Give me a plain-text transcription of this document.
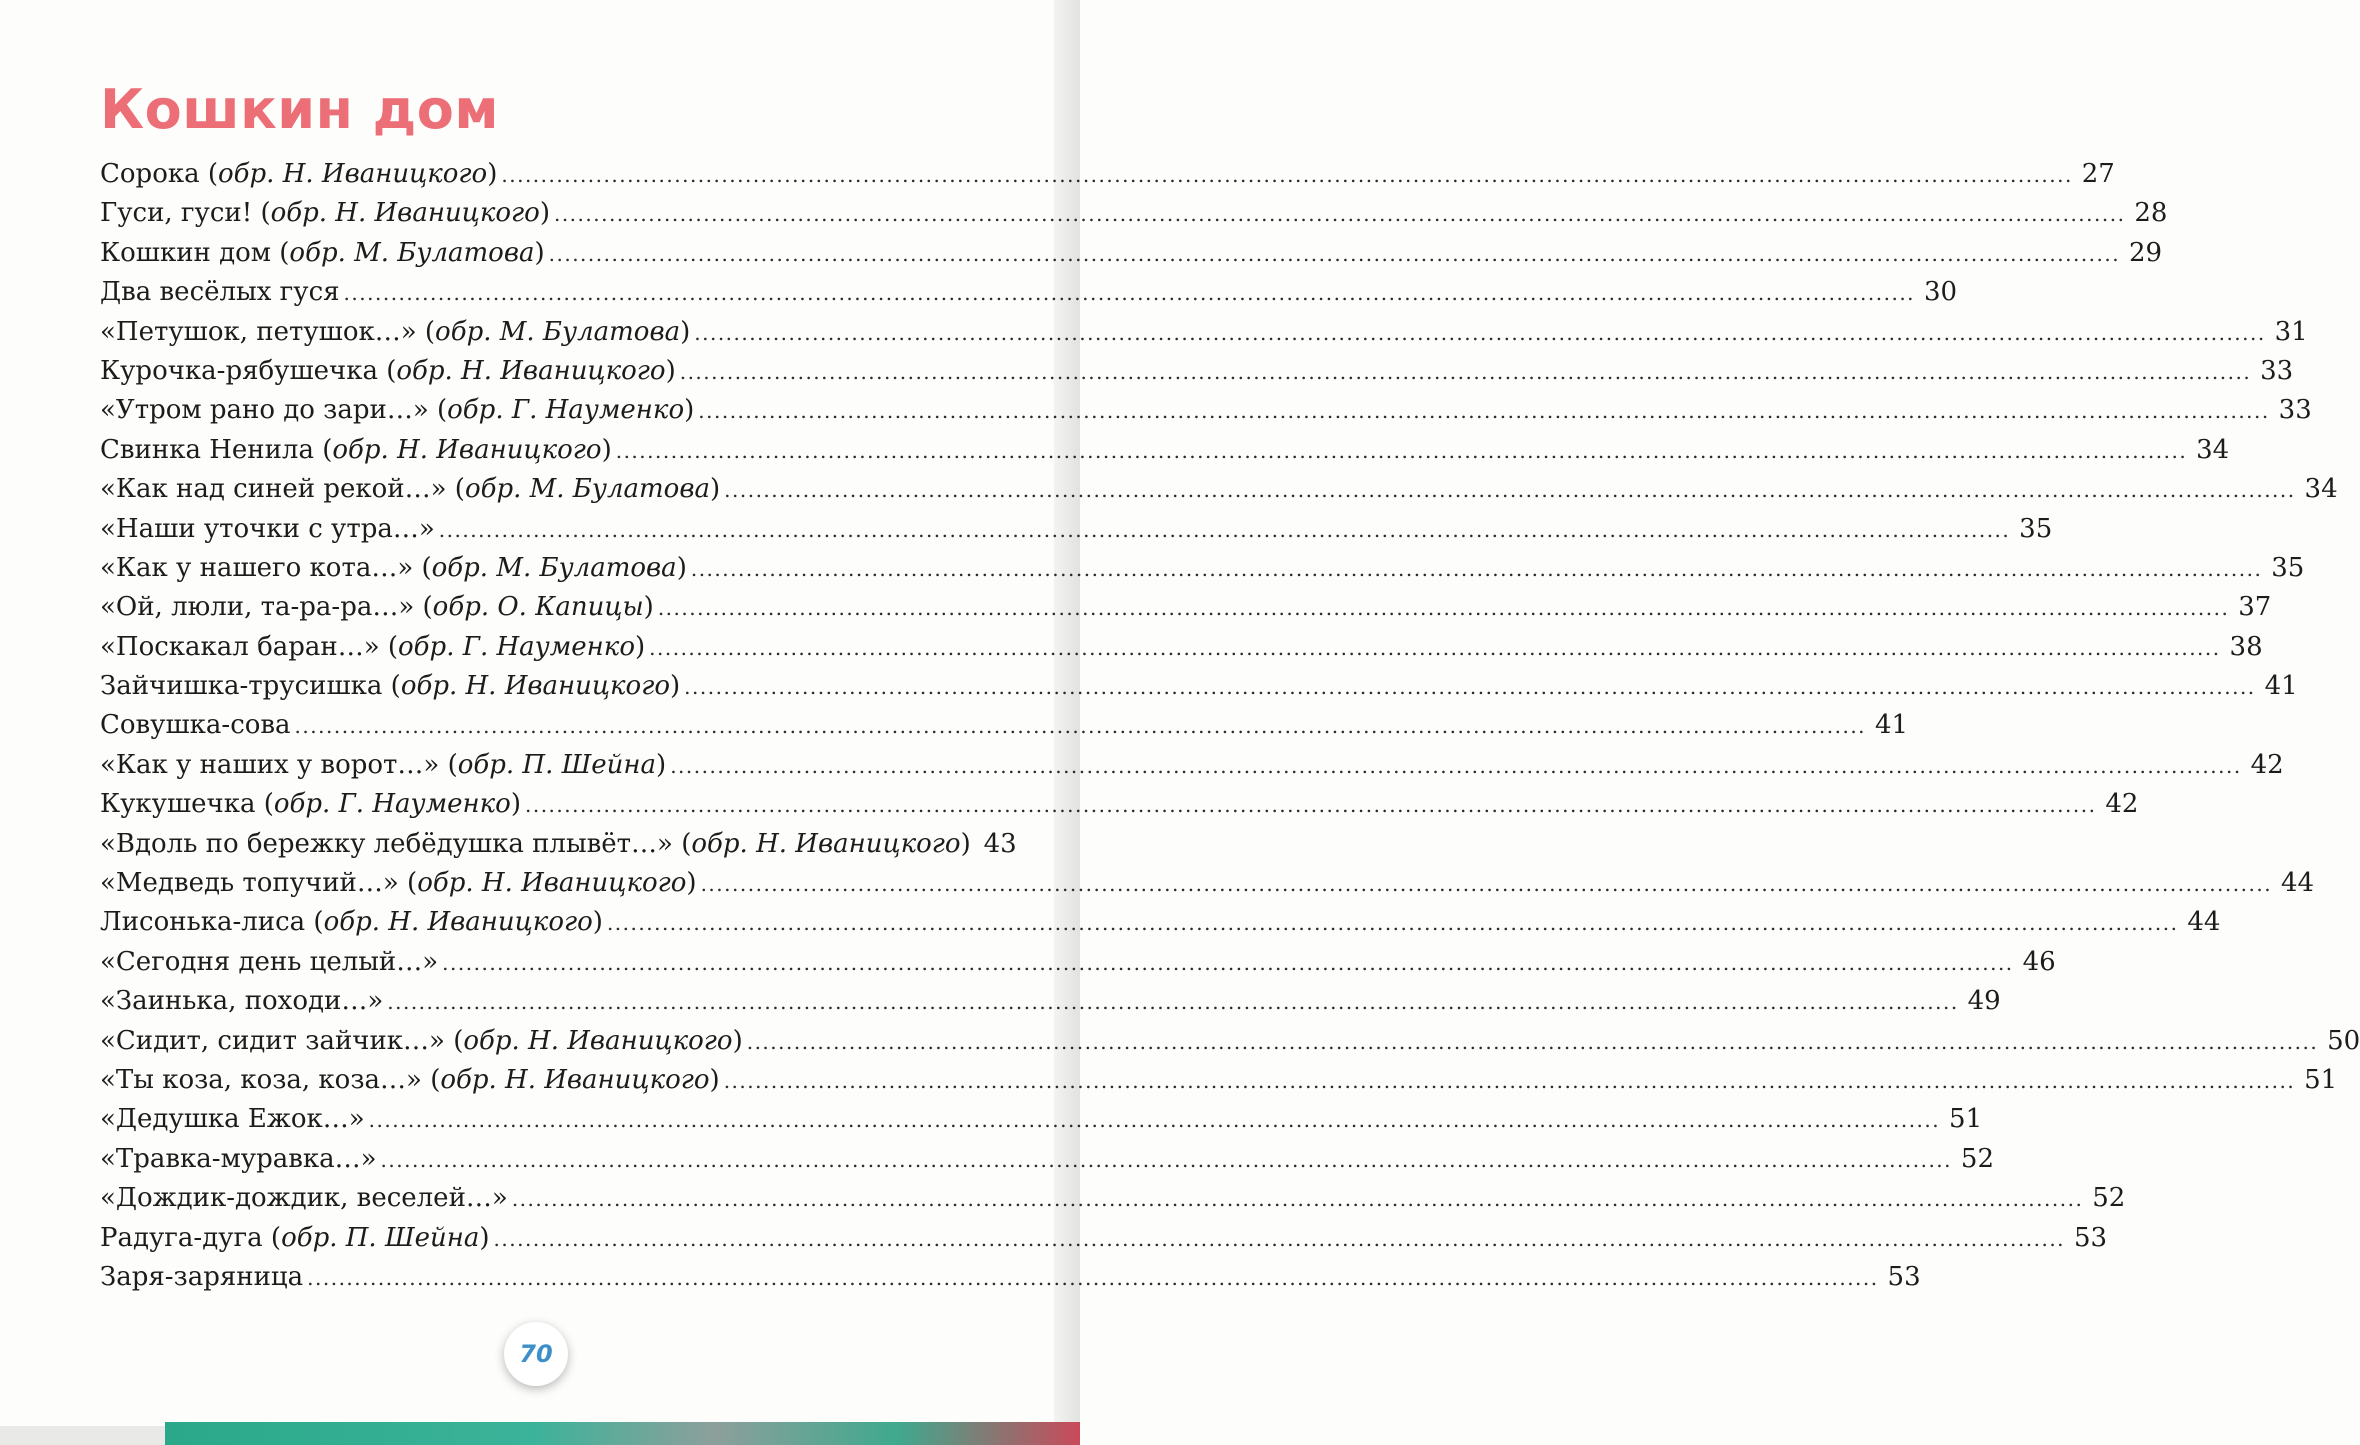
Кошкин дом
Сорока (обр. Н. Иваницкого) ........................................................................................................................................................................................................ 27
Гуси, гуси! (обр. Н. Иваницкого) ........................................................................................................................................................................................................ 28
Кошкин дом (обр. М. Булатова) ........................................................................................................................................................................................................ 29
Два весёлых гуся ........................................................................................................................................................................................................ 30
«Петушок, петушок…» (обр. М. Булатова) ........................................................................................................................................................................................................ 31
Курочка-рябушечка (обр. Н. Иваницкого) ........................................................................................................................................................................................................ 33
«Утром рано до зари…» (обр. Г. Науменко) ........................................................................................................................................................................................................ 33
Свинка Ненила (обр. Н. Иваницкого) ........................................................................................................................................................................................................ 34
«Как над синей рекой…» (обр. М. Булатова) ........................................................................................................................................................................................................ 34
«Наши уточки с утра…» ........................................................................................................................................................................................................ 35
«Как у нашего кота…» (обр. М. Булатова) ........................................................................................................................................................................................................ 35
«Ой, люли, та-ра-ра…» (обр. О. Капицы) ........................................................................................................................................................................................................ 37
«Поскакал баран…» (обр. Г. Науменко) ........................................................................................................................................................................................................ 38
Зайчишка-трусишка (обр. Н. Иваницкого) ........................................................................................................................................................................................................ 41
Совушка-сова ........................................................................................................................................................................................................ 41
«Как у наших у ворот…» (обр. П. Шейна) ........................................................................................................................................................................................................ 42
Кукушечка (обр. Г. Науменко) ........................................................................................................................................................................................................ 42
«Вдоль по бережку лебёдушка плывёт…» (обр. Н. Иваницкого) 43
«Медведь топучий…» (обр. Н. Иваницкого) ........................................................................................................................................................................................................ 44
Лисонька-лиса (обр. Н. Иваницкого) ........................................................................................................................................................................................................ 44
«Сегодня день целый…» ........................................................................................................................................................................................................ 46
«Заинька, походи…» ........................................................................................................................................................................................................ 49
«Сидит, сидит зайчик…» (обр. Н. Иваницкого) ........................................................................................................................................................................................................ 50
«Ты коза, коза, коза…» (обр. Н. Иваницкого) ........................................................................................................................................................................................................ 51
«Дедушка Ежок…» ........................................................................................................................................................................................................ 51
«Травка-муравка…» ........................................................................................................................................................................................................ 52
«Дождик-дождик, веселей…» ........................................................................................................................................................................................................ 52
Радуга-дуга (обр. П. Шейна) ........................................................................................................................................................................................................ 53
Заря-заряница ........................................................................................................................................................................................................ 53
70
